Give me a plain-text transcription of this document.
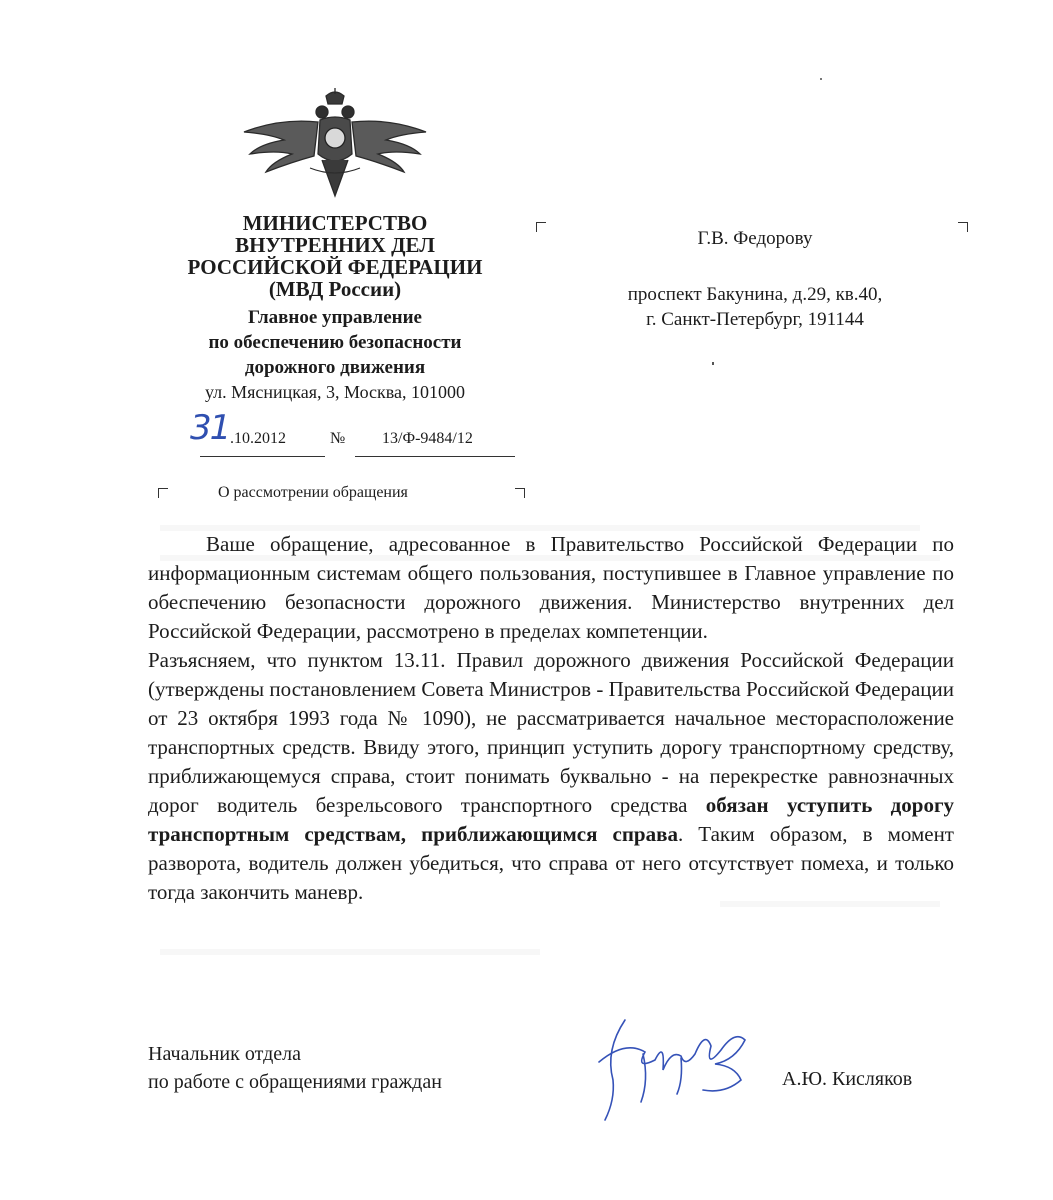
МИНИСТЕРСТВО
ВНУТРЕННИХ ДЕЛ
РОССИЙСКОЙ ФЕДЕРАЦИИ
(МВД России)
Главное управление
по обеспечению безопасности
дорожного движения
ул. Мясницкая, 3, Москва, 101000
31 .10.2012	№ 13/Ф-9484/12
О рассмотрении обращения
Г.В. Федорову
проспект Бакунина, д.29, кв.40,
г. Санкт-Петербург, 191144

Ваше обращение, адресованное в Правительство Российской Федерации по информационным системам общего пользования, поступившее в Главное управление по обеспечению безопасности дорожного движения. Министерство внутренних дел Российской Федерации, рассмотрено в пределах компетенции.

Разъясняем, что пунктом 13.11. Правил дорожного движения Российской Федерации (утверждены постановлением Совета Министров - Правительства Российской Федерации от 23 октября 1993 года № 1090), не рассматривается начальное месторасположение транспортных средств. Ввиду этого, принцип уступить дорогу транспортному средству, приближающемуся справа, стоит понимать буквально - на перекрестке равнозначных дорог водитель безрельсового транспортного средства обязан уступить дорогу транспортным средствам, приближающимся справа. Таким образом, в момент разворота, водитель должен убедиться, что справа от него отсутствует помеха, и только тогда закончить маневр.

Начальник отдела
по работе с обращениями граждан	А.Ю. Кисляков
